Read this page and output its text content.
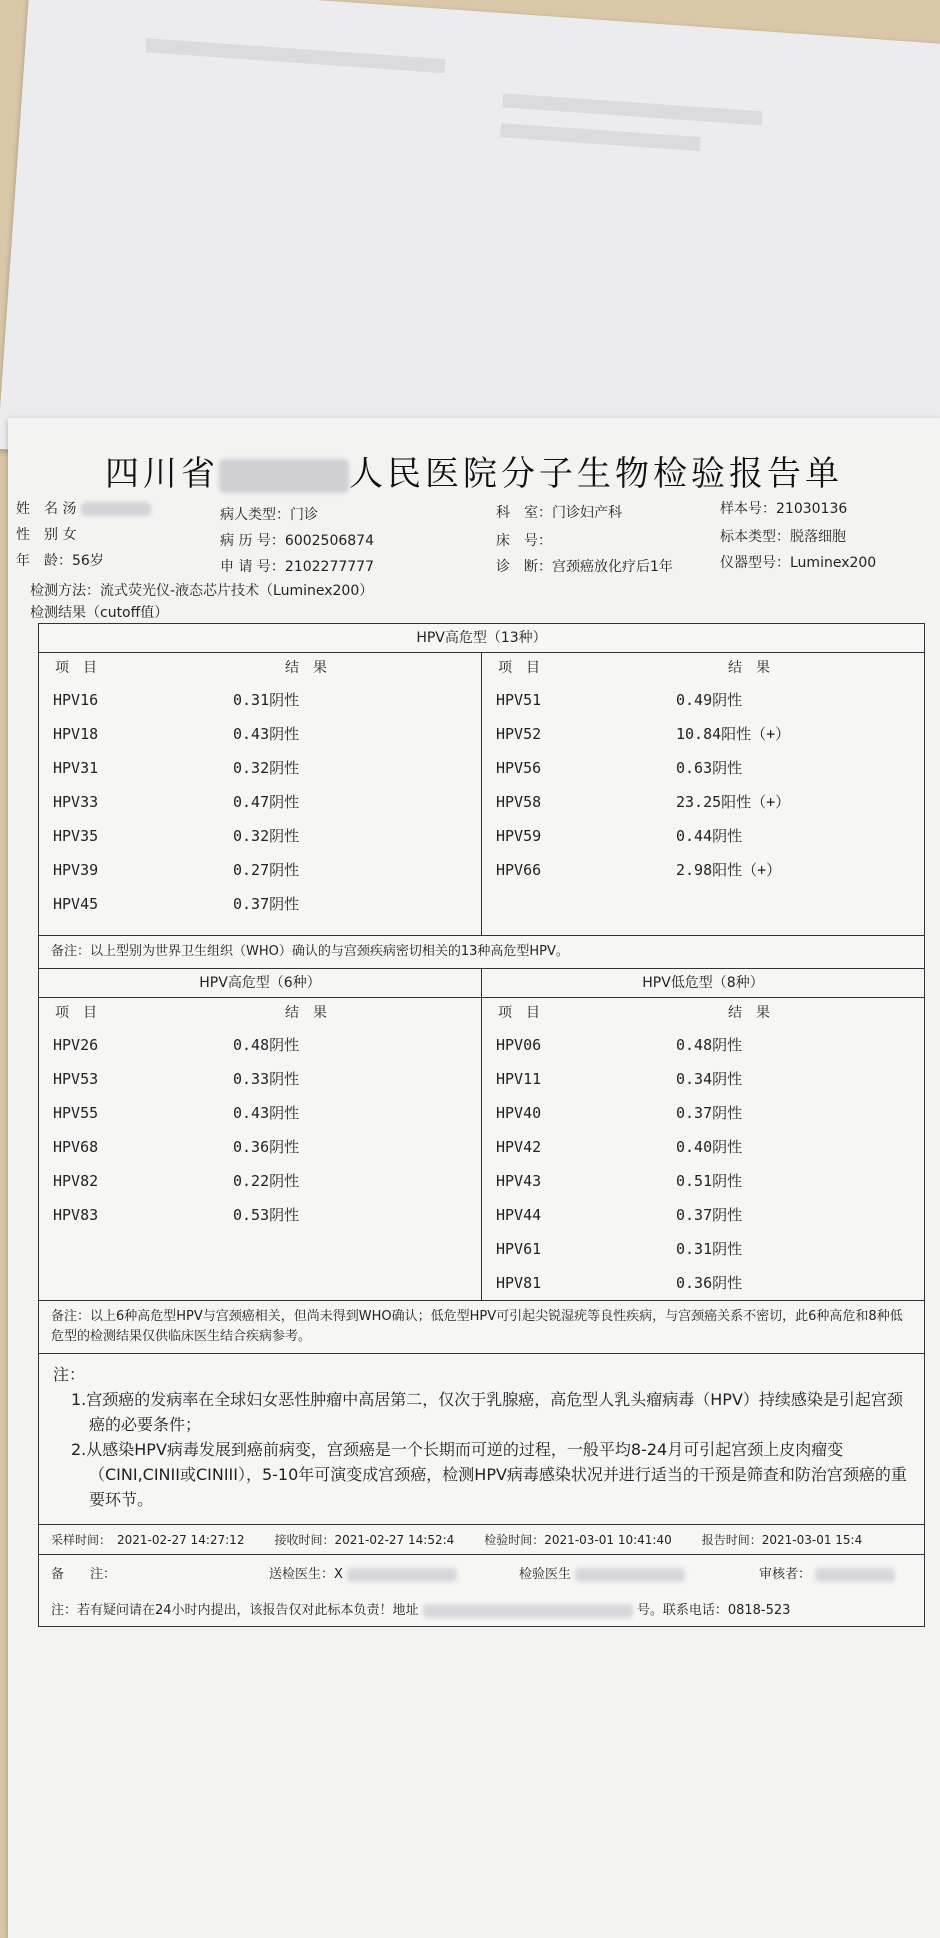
四川省	人民医院分子生物检验报告单
姓　名 汤	病人类型：门诊	科　室：门诊妇产科	样本号：21030136
性　别 女	病 历 号：6002506874	床　号：	标本类型：脱落细胞
年　龄：56岁	申 请 号：2102277777	诊　断：宫颈癌放化疗后1年	仪器型号：Luminex200
检测方法：流式荧光仪-液态芯片技术（Luminex200）
检测结果（cutoff值）
HPV高危型（13种）
项　目	结　果
HPV16	0.31阴性
HPV18	0.43阴性
HPV31	0.32阴性
HPV33	0.47阴性
HPV35	0.32阴性
HPV39	0.27阴性
HPV45	0.37阴性
项　目	结　果
HPV51	0.49阴性
HPV52	10.84阳性（+）
HPV56	0.63阴性
HPV58	23.25阳性（+）
HPV59	0.44阴性
HPV66	2.98阳性（+）
备注：以上型别为世界卫生组织（WHO）确认的与宫颈疾病密切相关的13种高危型HPV。
HPV高危型（6种）	HPV低危型（8种）
项　目	结　果
HPV26	0.48阴性
HPV53	0.33阴性
HPV55	0.43阴性
HPV68	0.36阴性
HPV82	0.22阴性
HPV83	0.53阴性
项　目	结　果
HPV06	0.48阴性
HPV11	0.34阴性
HPV40	0.37阴性
HPV42	0.40阴性
HPV43	0.51阴性
HPV44	0.37阴性
HPV61	0.31阴性
HPV81	0.36阴性
备注：以上6种高危型HPV与宫颈癌相关，但尚未得到WHO确认；低危型HPV可引起尖锐湿疣等良性疾病，与宫颈癌关系不密切，此6种高危和8种低危型的检测结果仅供临床医生结合疾病参考。
注：
1.宫颈癌的发病率在全球妇女恶性肿瘤中高居第二，仅次于乳腺癌，高危型人乳头瘤病毒（HPV）持续感染是引起宫颈癌的必要条件；
2.从感染HPV病毒发展到癌前病变，宫颈癌是一个长期而可逆的过程，一般平均8-24月可引起宫颈上皮肉瘤变（CINI,CINII或CINIII），5-10年可演变成宫颈癌，检测HPV病毒感染状况并进行适当的干预是筛查和防治宫颈癌的重要环节。
采样时间：　2021-02-27 14:27:12	接收时间：2021-02-27 14:52:4	检验时间：2021-03-01 10:41:40	报告时间：2021-03-01 15:4
备　　注：	送检医生：X	检验医生	审核者：
注：若有疑问请在24小时内提出，该报告仅对此标本负责！地址	号。联系电话：0818-523
